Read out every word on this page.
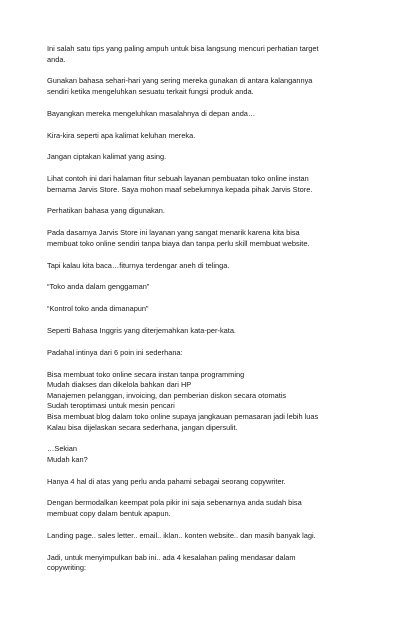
Ini salah satu tips yang paling ampuh untuk bisa langsung mencuri perhatian target
anda.
Gunakan bahasa sehari-hari yang sering mereka gunakan di antara kalangannya
sendiri ketika mengeluhkan sesuatu terkait fungsi produk anda.
Bayangkan mereka mengeluhkan masalahnya di depan anda…
Kira-kira seperti apa kalimat keluhan mereka.
Jangan ciptakan kalimat yang asing.
Lihat contoh ini dari halaman fitur sebuah layanan pembuatan toko online instan
bernama Jarvis Store. Saya mohon maaf sebelumnya kepada pihak Jarvis Store.
Perhatikan bahasa yang digunakan.
Pada dasarnya Jarvis Store ini layanan yang sangat menarik karena kita bisa
membuat toko online sendiri tanpa biaya dan tanpa perlu skill membuat website.
Tapi kalau kita baca…fiturnya terdengar aneh di telinga.
“Toko anda dalam genggaman”
“Kontrol toko anda dimanapun”
Seperti Bahasa Inggris yang diterjemahkan kata-per-kata.
Padahal intinya dari 6 poin ini sederhana:
Bisa membuat toko online secara instan tanpa programming
Mudah diakses dan dikelola bahkan dari HP
Manajemen pelanggan, invoicing, dan pemberian diskon secara otomatis
Sudah teroptimasi untuk mesin pencari
Bisa membuat blog dalam toko online supaya jangkauan pemasaran jadi lebih luas
Kalau bisa dijelaskan secara sederhana, jangan dipersulit.
…Sekian
Mudah kan?
Hanya 4 hal di atas yang perlu anda pahami sebagai seorang copywriter.
Dengan bermodalkan keempat pola pikir ini saja sebenarnya anda sudah bisa
membuat copy dalam bentuk apapun.
Landing page.. sales letter.. email.. iklan.. konten website.. dan masih banyak lagi.
Jadi, untuk menyimpulkan bab ini.. ada 4 kesalahan paling mendasar dalam
copywriting:
